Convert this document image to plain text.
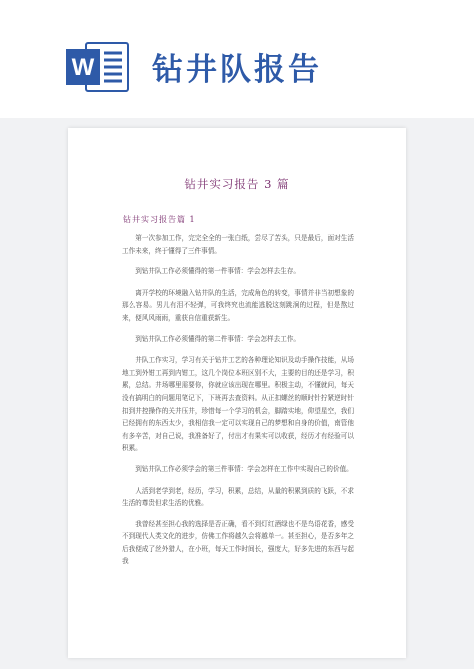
W 钻井队报告
钻井实习报告 3 篇
钻井实习报告篇 1

第一次参加工作，完完全全的一张白纸，尝尽了苦头，只是最后，面对生活工作未来，终于懂得了三件事情。

到钻井队工作必须懂得的第一件事情：学会怎样去生存。

离开学校的环境融入钻井队的生活，完成角色的转变，事情并非当初想象的那么容易。男儿有泪不轻弹，可我终究也流能逃脱这刻跳涧的过程，但是熬过来，便风风雨雨，重获自信重获新生。

到钻井队工作必须懂得的第二件事情：学会怎样去工作。

井队工作实习，学习有关于钻井工艺的各种理论知识及动手操作技能，从场地工到外钳工再到内钳工，这几个岗位本班区别不大，主要的目的还是学习，积累，总结。井场哪里需要你，你就应该出现在哪里。积极主动，不懂就问，每天没有搞明白的问题用笔记下，下班再去查资料。从正扣螺丝的顺时针拧紧逆时针扣到井控操作的关井压井，珍惜每一个学习的机会，脚踏实地，仰望星空，我们已经拥有的东西太少，我相信我一定可以实现自己的梦想和自身的价值，南管他有多辛苦，对自己说，我准备好了，付出才有果实可以收获，经历才有经验可以积累。

到钻井队工作必须学会的第三件事情：学会怎样在工作中实现自己的价值。

人活到老学到老，经历，学习，积累，总结，从量的积累到质的飞跃，不求生活的尊贵但求生活的优雅。

我曾经甚至担心我的选择是否正确，看不到灯红酒绿也不是鸟语花香，感受不到现代人类文化的进步，仿佛工作将越久会将越单一。甚至担心，是否多年之后我便成了丝外猎人，在小班，每天工作时间长，强度大，好多先进的东西与起我
